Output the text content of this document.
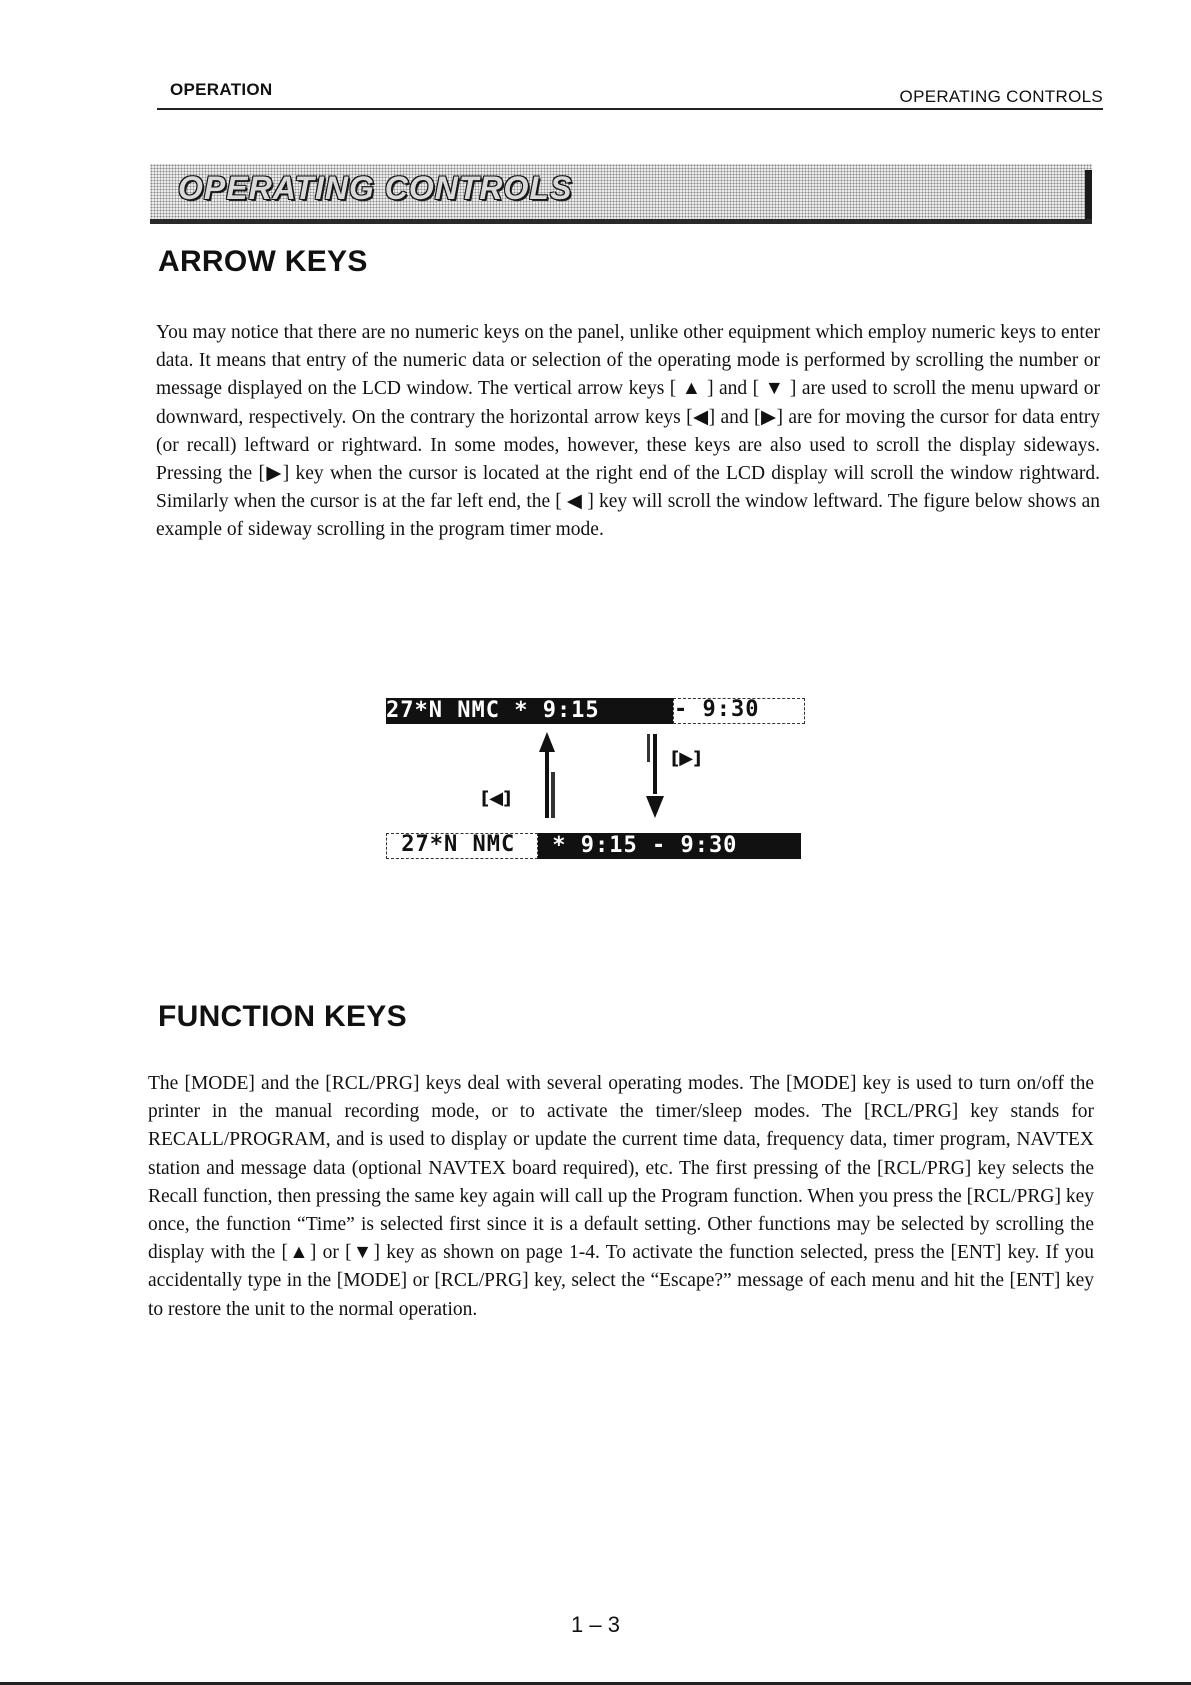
OPERATION	OPERATING CONTROLS
OPERATING CONTROLS
ARROW KEYS

You may notice that there are no numeric keys on the panel, unlike other equipment which employ numeric keys to enter data. It means that entry of the numeric data or selection of the operating mode is performed by scrolling the number or message displayed on the LCD window. The vertical arrow keys [ ▲ ] and [ ▼ ] are used to scroll the menu upward or downward, respectively. On the contrary the horizontal arrow keys [◀] and [▶] are for moving the cursor for data entry (or recall) leftward or rightward. In some modes, however, these keys are also used to scroll the display sideways. Pressing the [▶] key when the cursor is located at the right end of the LCD display will scroll the window rightward. Similarly when the cursor is at the far left end, the [ ◀ ] key will scroll the window leftward. The figure below shows an example of sideway scrolling in the program timer mode.

27*N NMC * 9:15	- 9:30
[◀]
[▶]
27*N NMC	* 9:15 - 9:30
FUNCTION KEYS

The [MODE] and the [RCL/PRG] keys deal with several operating modes. The [MODE] key is used to turn on/off the printer in the manual recording mode, or to activate the timer/sleep modes. The [RCL/PRG] key stands for RECALL/PROGRAM, and is used to display or update the current time data, frequency data, timer program, NAVTEX station and message data (optional NAVTEX board required), etc. The first pressing of the [RCL/PRG] key selects the Recall function, then pressing the same key again will call up the Program function. When you press the [RCL/PRG] key once, the function “Time” is selected first since it is a default setting. Other functions may be selected by scrolling the display with the [▲] or [▼] key as shown on page 1-4. To activate the function selected, press the [ENT] key. If you accidentally type in the [MODE] or [RCL/PRG] key, select the “Escape?” message of each menu and hit the [ENT] key to restore the unit to the normal operation.

1 – 3
